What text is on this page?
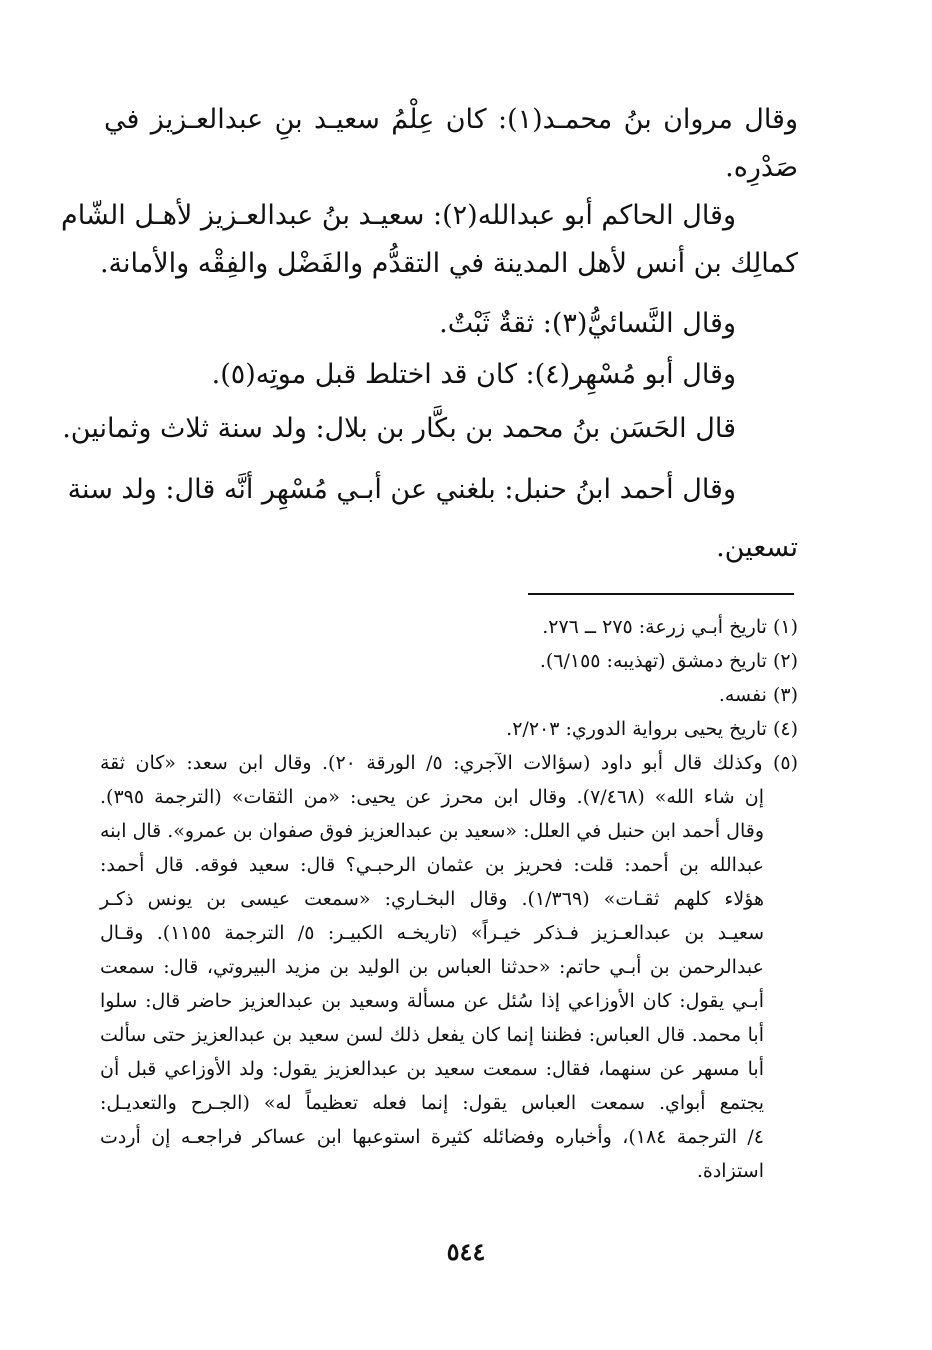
وقال مروان بنُ محمـد(١): كان عِلْمُ سعيـد بنِ عبدالعـزيز في
صَدْرِه.
وقال الحاكم أبو عبدالله(٢): سعيـد بنُ عبدالعـزيز لأهـل الشّام
كمالِك بن أنس لأهل المدينة في التقدُّم والفَضْل والفِقْه والأمانة.
وقال النَّسائيُّ(٣): ثقةٌ ثَبْتٌ.
وقال أبو مُسْهِر(٤): كان قد اختلط قبل موتِه(٥).
قال الحَسَن بنُ محمد بن بكَّار بن بلال: ولد سنة ثلاث وثمانين.
وقال أحمد ابنُ حنبل: بلغني عن أبـي مُسْهِر أنَّه قال: ولد سنة
تسعين.
(١) تاريخ أبـي زرعة: ٢٧٥ ــ ٢٧٦.
(٢) تاريخ دمشق (تهذيبه: ٦/١٥٥).
(٣) نفسه.
(٤) تاريخ يحيى برواية الدوري: ٢/٢٠٣.
(٥) وكذلك قال أبو داود (سؤالات الآجري: ٥/ الورقة ٢٠). وقال ابن سعد: «كان ثقة
إن شاء الله» (٧/٤٦٨). وقال ابن محرز عن يحيى: «من الثقات» (الترجمة ٣٩٥).
وقال أحمد ابن حنبل في العلل: «سعيد بن عبدالعزيز فوق صفوان بن عمرو». قال ابنه
عبدالله بن أحمد: قلت: فحريز بن عثمان الرحبـي؟ قال: سعيد فوقه. قال أحمد:
هؤلاء كلهم ثقـات» (١/٣٦٩). وقال البخـاري: «سمعت عيسى بن يونس ذكـر
سعيـد بن عبدالعـزيز فـذكر خيـراً» (تاريخـه الكبيـر: ٥/ الترجمة ١١٥٥). وقـال
عبدالرحمن بن أبـي حاتم: «حدثنا العباس بن الوليد بن مزيد البيروتي، قال: سمعت
أبـي يقول: كان الأوزاعي إذا سُئل عن مسألة وسعيد بن عبدالعزيز حاضر قال: سلوا
أبا محمد. قال العباس: فظننا إنما كان يفعل ذلك لسن سعيد بن عبدالعزيز حتى سألت
أبا مسهر عن سنهما، فقال: سمعت سعيد بن عبدالعزيز يقول: ولد الأوزاعي قبل أن
يجتمع أبواي. سمعت العباس يقول: إنما فعله تعظيماً له» (الجـرح والتعديـل:
٤/ الترجمة ١٨٤)، وأخباره وفضائله كثيرة استوعبها ابن عساكر فراجعـه إن أردت
استزادة.
٥٤٤
